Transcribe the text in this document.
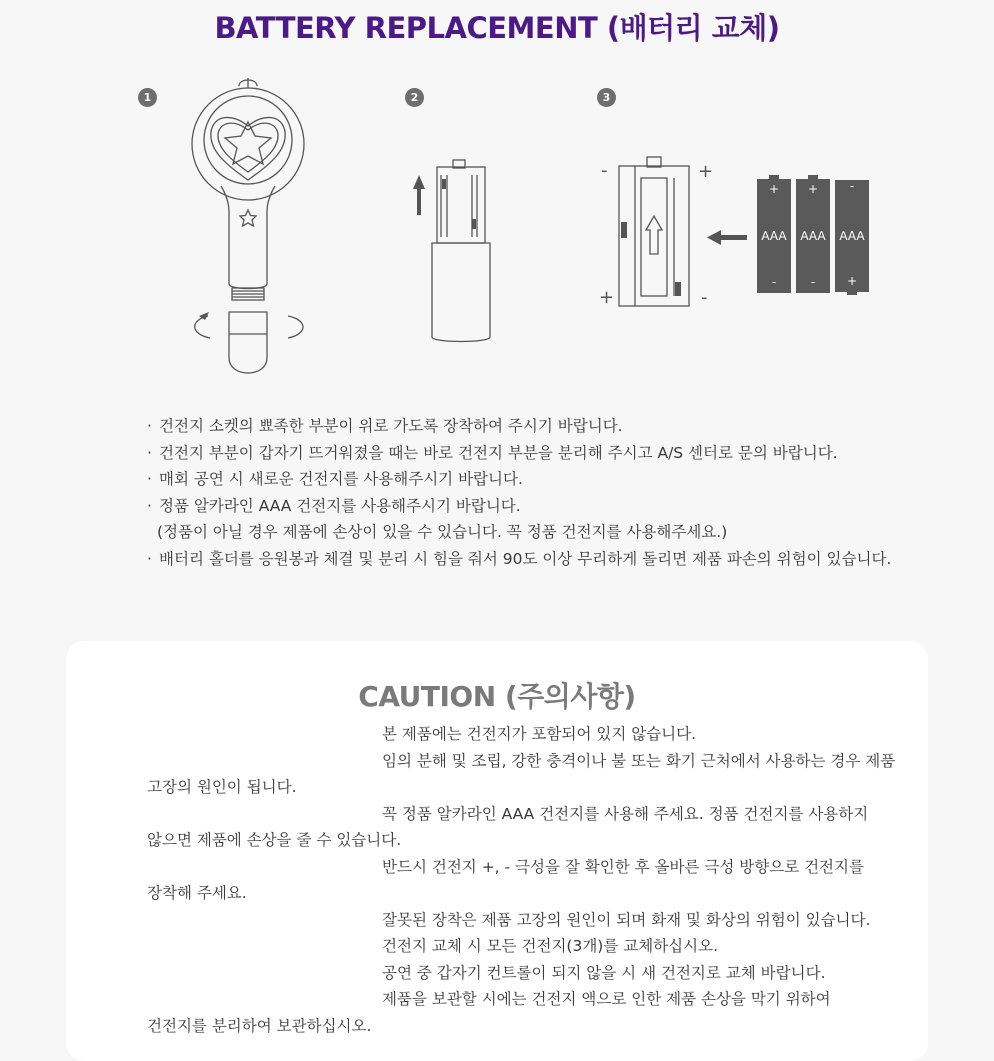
BATTERY REPLACEMENT (배터리 교체)
1	2	3
-	+
+	-
+
AAA
-
+
AAA
-
-
AAA
+
· 건전지 소켓의 뾰족한 부분이 위로 가도록 장착하여 주시기 바랍니다.
· 건전지 부분이 갑자기 뜨거워졌을 때는 바로 건전지 부분을 분리해 주시고 A/S 센터로 문의 바랍니다.
· 매회 공연 시 새로운 건전지를 사용해주시기 바랍니다.
· 정품 알카라인 AAA 건전지를 사용해주시기 바랍니다.
(정품이 아닐 경우 제품에 손상이 있을 수 있습니다. 꼭 정품 건전지를 사용해주세요.)
· 배터리 홀더를 응원봉과 체결 및 분리 시 힘을 줘서 90도 이상 무리하게 돌리면 제품 파손의 위험이 있습니다.
CAUTION (주의사항)
본 제품에는 건전지가 포함되어 있지 않습니다.
임의 분해 및 조립, 강한 충격이나 불 또는 화기 근처에서 사용하는 경우 제품
고장의 원인이 됩니다.
꼭 정품 알카라인 AAA 건전지를 사용해 주세요. 정품 건전지를 사용하지
않으면 제품에 손상을 줄 수 있습니다.
반드시 건전지 +, - 극성을 잘 확인한 후 올바른 극성 방향으로 건전지를
장착해 주세요.
잘못된 장착은 제품 고장의 원인이 되며 화재 및 화상의 위험이 있습니다.
건전지 교체 시 모든 건전지(3개)를 교체하십시오.
공연 중 갑자기 컨트롤이 되지 않을 시 새 건전지로 교체 바랍니다.
제품을 보관할 시에는 건전지 액으로 인한 제품 손상을 막기 위하여
건전지를 분리하여 보관하십시오.
